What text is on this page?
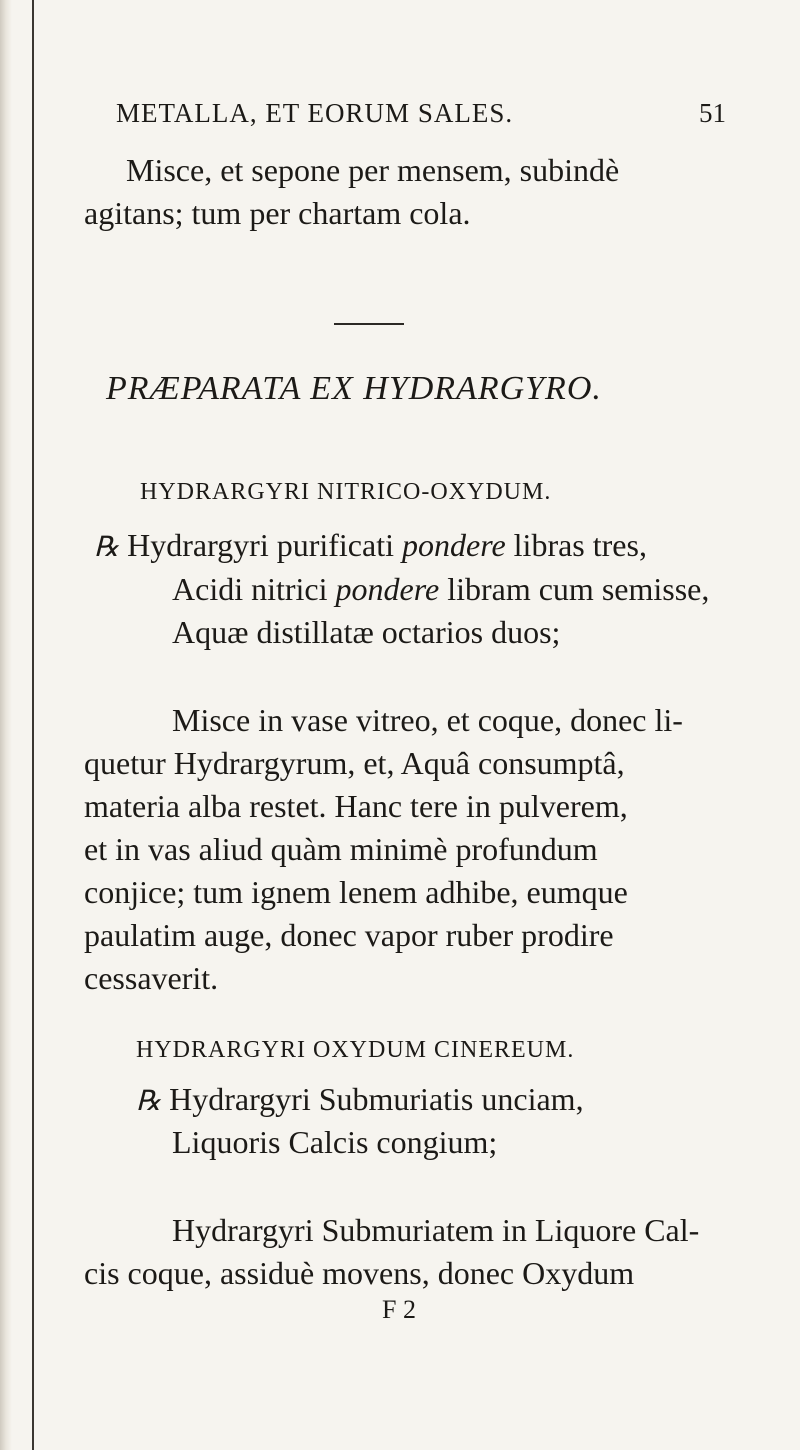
METALLA, ET EORUM SALES.	51
Misce, et sepone per mensem, subindè
agitans; tum per chartam cola.
PRÆPARATA EX HYDRARGYRO.
HYDRARGYRI NITRICO-OXYDUM.
℞ Hydrargyri purificati pondere libras tres,
Acidi nitrici pondere libram cum semisse,
Aquæ distillatæ octarios duos;
Misce in vase vitreo, et coque, donec li-
quetur Hydrargyrum, et, Aquâ consumptâ,
materia alba restet. Hanc tere in pulverem,
et in vas aliud quàm minimè profundum
conjice; tum ignem lenem adhibe, eumque
paulatim auge, donec vapor ruber prodire
cessaverit.
HYDRARGYRI OXYDUM CINEREUM.
℞ Hydrargyri Submuriatis unciam,
Liquoris Calcis congium;
Hydrargyri Submuriatem in Liquore Cal-
cis coque, assiduè movens, donec Oxydum
F 2
